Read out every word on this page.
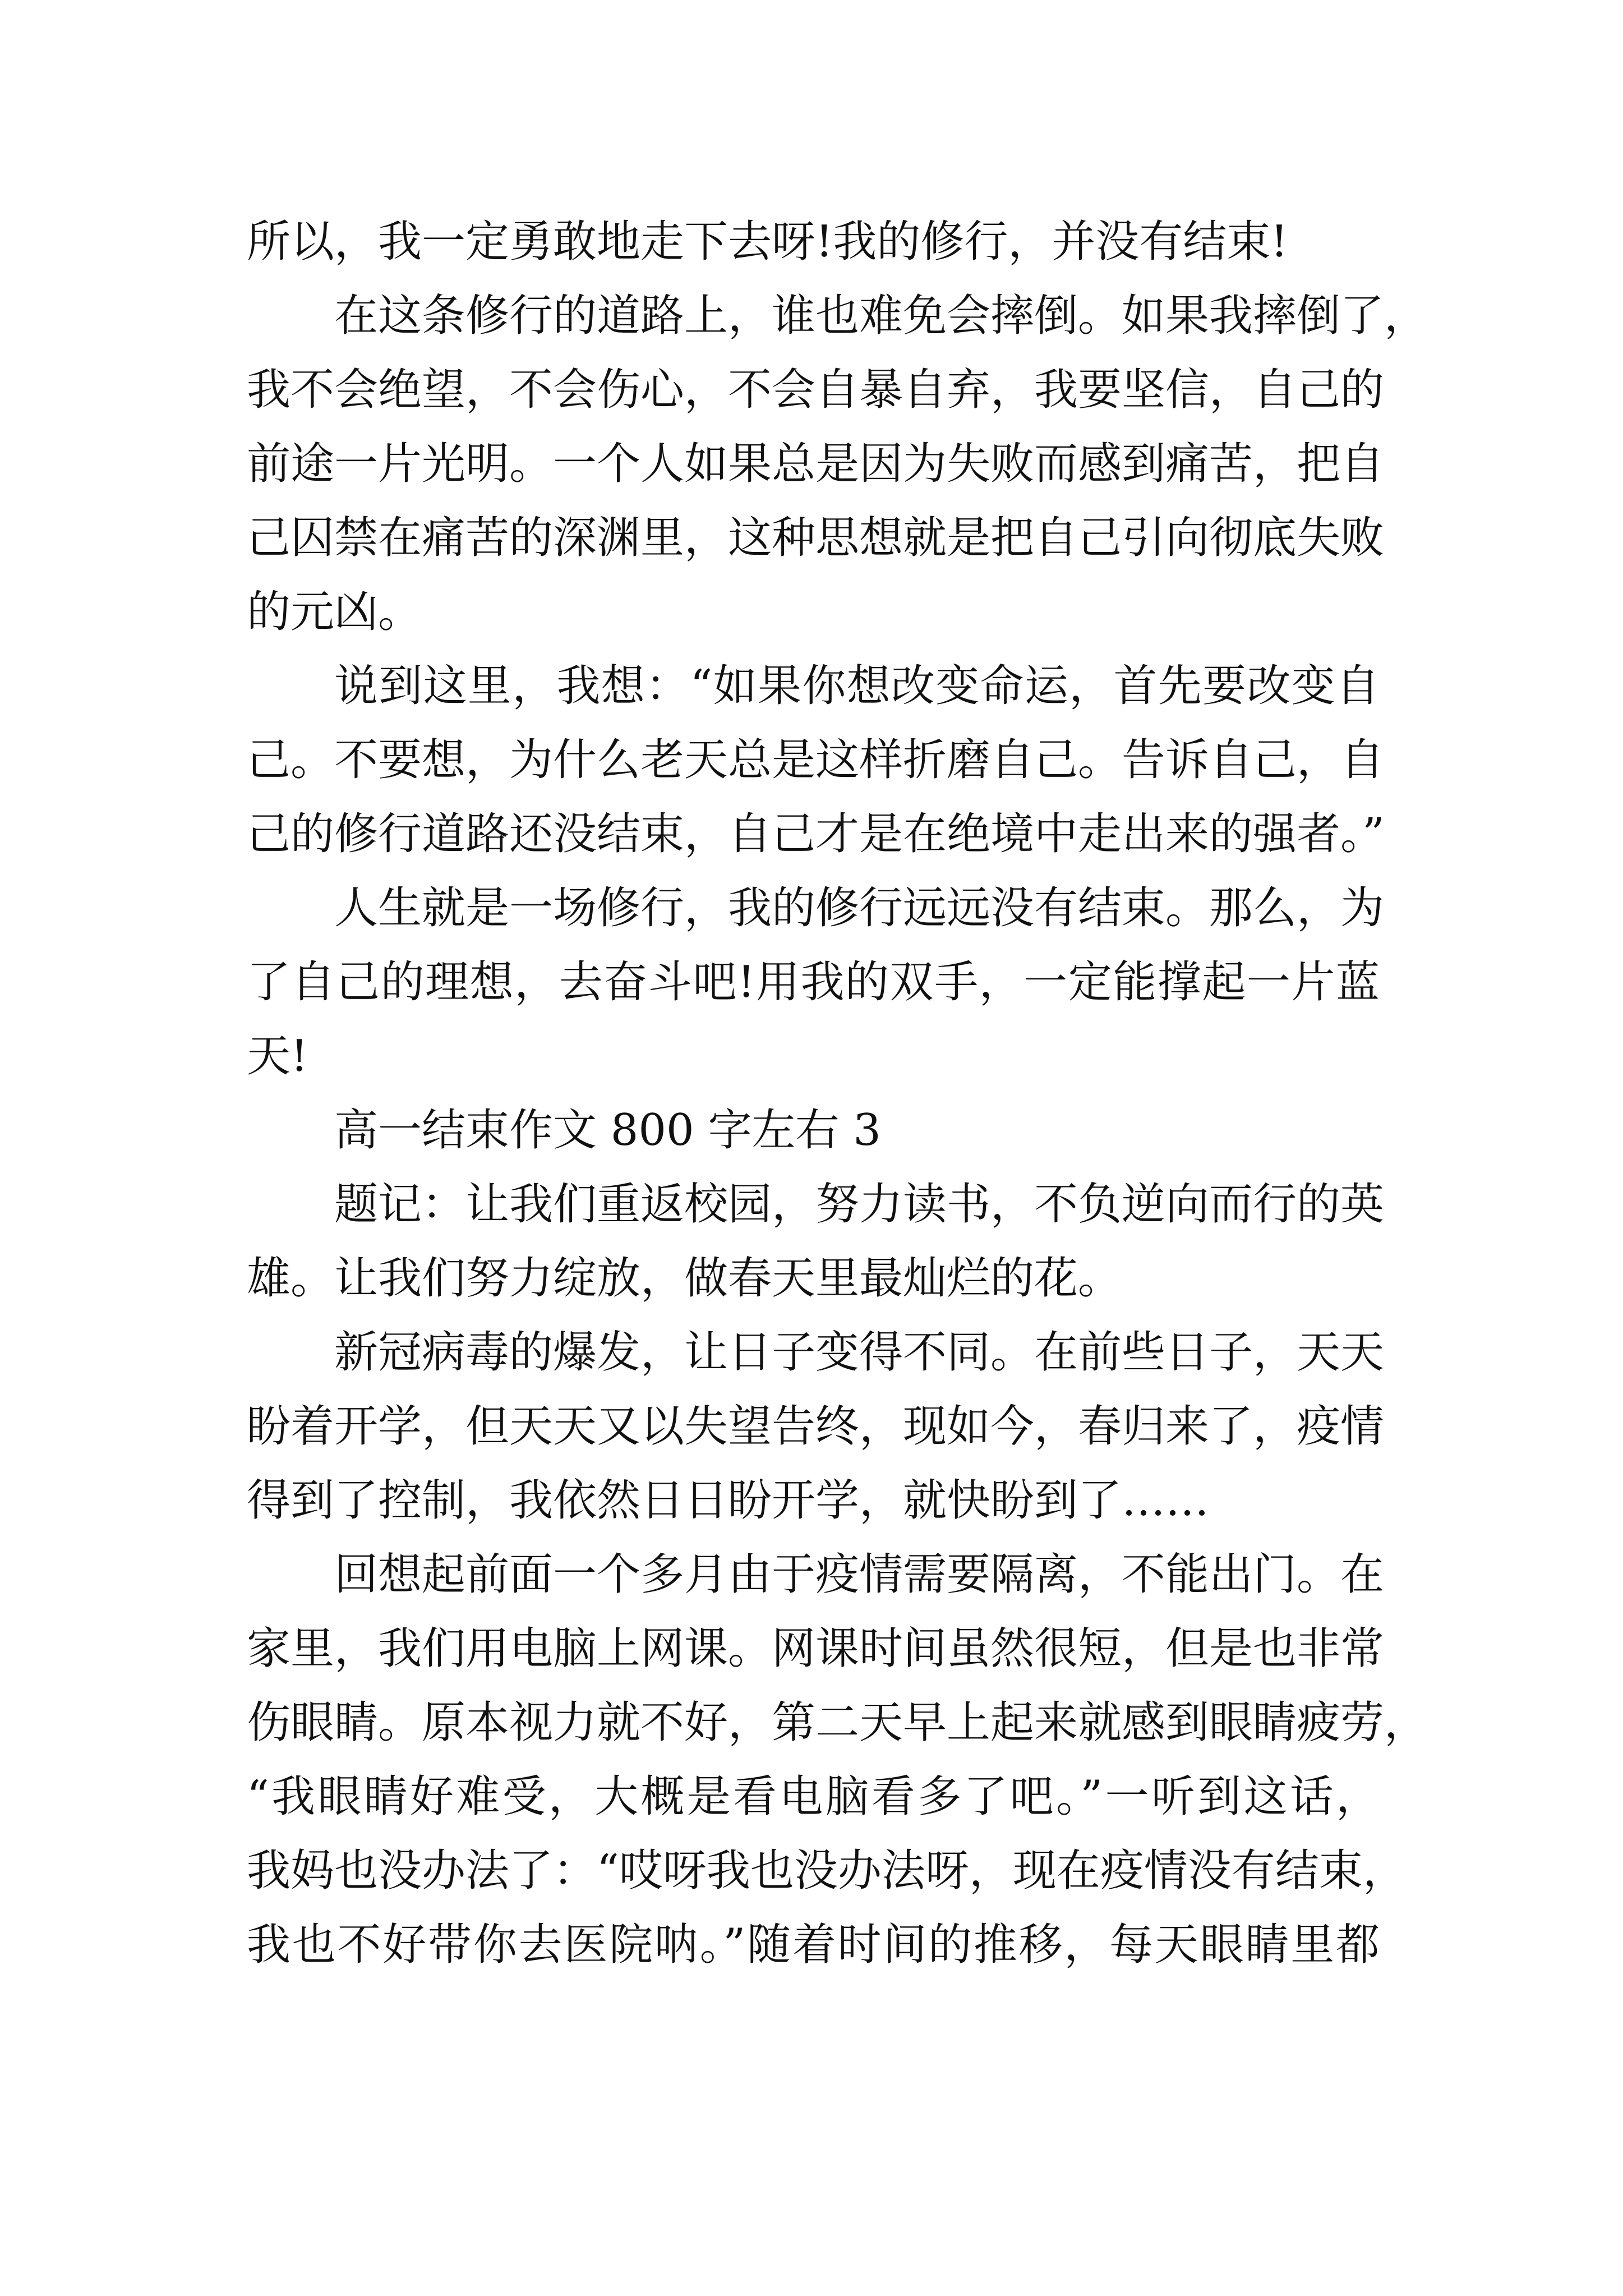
所以，我一定勇敢地走下去呀!我的修行，并没有结束!
在这条修行的道路上，谁也难免会摔倒。如果我摔倒了，
我不会绝望，不会伤心，不会自暴自弃，我要坚信，自己的
前途一片光明。一个人如果总是因为失败而感到痛苦，把自
己囚禁在痛苦的深渊里，这种思想就是把自己引向彻底失败
的元凶。
说到这里，我想：“如果你想改变命运，首先要改变自
己。不要想，为什么老天总是这样折磨自己。告诉自己，自
己的修行道路还没结束，自己才是在绝境中走出来的强者。”
人生就是一场修行，我的修行远远没有结束。那么，为
了自己的理想，去奋斗吧!用我的双手，一定能撑起一片蓝
天!
高一结束作文 800 字左右 3
题记：让我们重返校园，努力读书，不负逆向而行的英
雄。让我们努力绽放，做春天里最灿烂的花。
新冠病毒的爆发，让日子变得不同。在前些日子，天天
盼着开学，但天天又以失望告终，现如今，春归来了，疫情
得到了控制，我依然日日盼开学，就快盼到了……
回想起前面一个多月由于疫情需要隔离，不能出门。在
家里，我们用电脑上网课。网课时间虽然很短，但是也非常
伤眼睛。原本视力就不好，第二天早上起来就感到眼睛疲劳，
“我眼睛好难受，大概是看电脑看多了吧。”一听到这话，
我妈也没办法了：“哎呀我也没办法呀，现在疫情没有结束，
我也不好带你去医院呐。”随着时间的推移，每天眼睛里都
